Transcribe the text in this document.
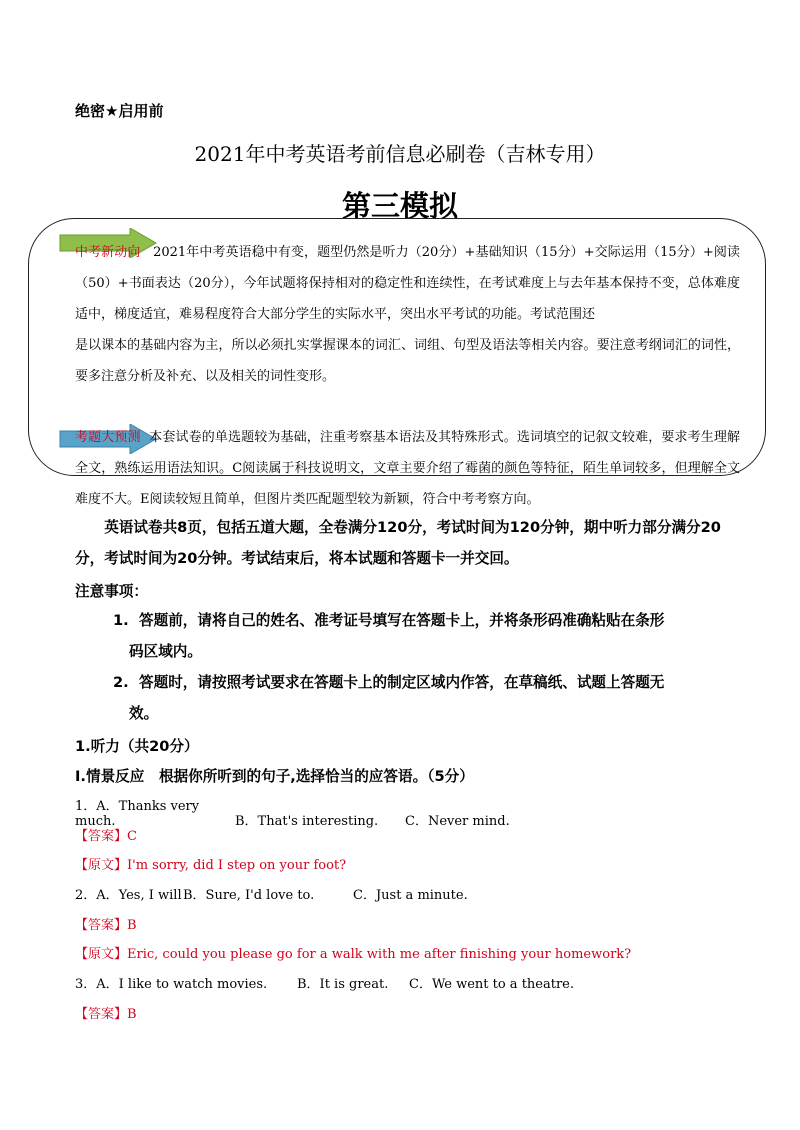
绝密★启用前
2021年中考英语考前信息必刷卷（吉林专用）
第三模拟

中考新动向 2021年中考英语稳中有变，题型仍然是听力（20分）+基础知识（15分）+交际运用（15分）+阅读（50）+书面表达（20分），今年试题将保持相对的稳定性和连续性，在考试难度上与去年基本保持不变，总体难度适中，梯度适宜，难易程度符合大部分学生的实际水平，突出水平考试的功能。考试范围还

是以课本的基础内容为主，所以必须扎实掌握课本的词汇、词组、句型及语法等相关内容。要注意考纲词汇的词性，要多注意分析及补充、以及相关的词性变形。

考题大预测 本套试卷的单选题较为基础，注重考察基本语法及其特殊形式。选词填空的记叙文较难，要求考生理解全文，熟练运用语法知识。C阅读属于科技说明文，文章主要介绍了霉菌的颜色等特征，陌生单词较多，但理解全文难度不大。E阅读较短且简单，但图片类匹配题型较为新颖，符合中考考察方向。

英语试卷共8页，包括五道大题，全卷满分120分，考试时间为120分钟，期中听力部分满分20分，考试时间为20分钟。考试结束后，将本试题和答题卡一并交回。
注意事项：
1. 答题前，请将自己的姓名、准考证号填写在答题卡上，并将条形码准确粘贴在条形
码区域内。
2. 答题时，请按照考试要求在答题卡上的制定区域内作答，在草稿纸、试题上答题无
效。
1.听力（共20分）
Ⅰ.情景反应　根据你所听到的句子,选择恰当的应答语。（5分）
1．A．Thanks very much.	B．That's interesting. C．Never mind.
【答案】C
【原文】I'm sorry, did I step on your foot?
2．A．Yes, I willB．Sure, I'd love to.	C．Just a minute.
【答案】B
【原文】Eric, could you please go for a walk with me after finishing your homework?
3．A．I like to watch movies. B．It is great. C．We went to a theatre.
【答案】B
